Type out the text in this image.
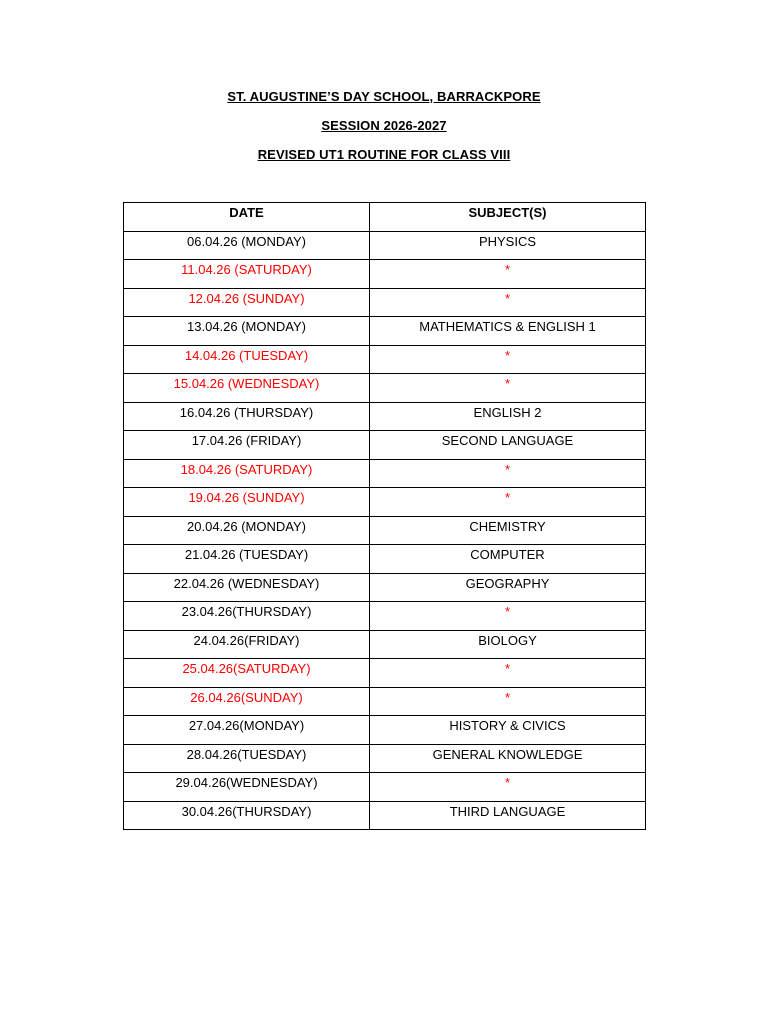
ST. AUGUSTINE’S DAY SCHOOL, BARRACKPORE
SESSION 2026-2027
REVISED UT1 ROUTINE FOR CLASS VIII
DATE	SUBJECT(S)
06.04.26 (MONDAY)	PHYSICS
11.04.26 (SATURDAY)	*
12.04.26 (SUNDAY)	*
13.04.26 (MONDAY)	MATHEMATICS & ENGLISH 1
14.04.26 (TUESDAY)	*
15.04.26 (WEDNESDAY)	*
16.04.26 (THURSDAY)	ENGLISH 2
17.04.26 (FRIDAY)	SECOND LANGUAGE
18.04.26 (SATURDAY)	*
19.04.26 (SUNDAY)	*
20.04.26 (MONDAY)	CHEMISTRY
21.04.26 (TUESDAY)	COMPUTER
22.04.26 (WEDNESDAY)	GEOGRAPHY
23.04.26(THURSDAY)	*
24.04.26(FRIDAY)	BIOLOGY
25.04.26(SATURDAY)	*
26.04.26(SUNDAY)	*
27.04.26(MONDAY)	HISTORY & CIVICS
28.04.26(TUESDAY)	GENERAL KNOWLEDGE
29.04.26(WEDNESDAY)	*
30.04.26(THURSDAY)	THIRD LANGUAGE
